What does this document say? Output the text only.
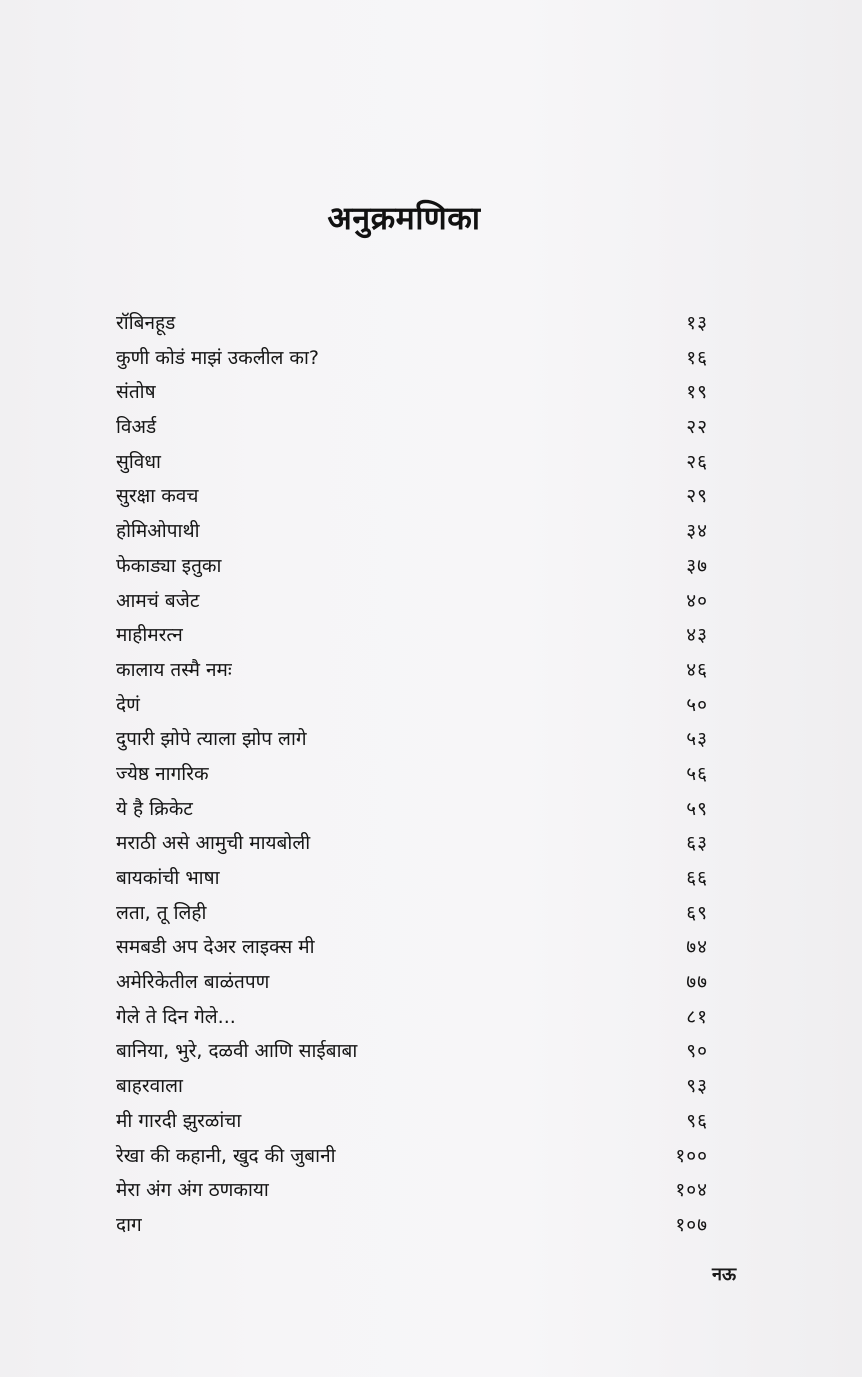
अनुक्रमणिका
रॉबिनहूड	१३
कुणी कोडं माझं उकलील का?	१६
संतोष	१९
विअर्ड	२२
सुविधा	२६
सुरक्षा कवच	२९
होमिओपाथी	३४
फेकाड्या इतुका	३७
आमचं बजेट	४०
माहीमरत्न	४३
कालाय तस्मै नमः	४६
देणं	५०
दुपारी झोपे त्याला झोप लागे	५३
ज्येष्ठ नागरिक	५६
ये है क्रिकेट	५९
मराठी असे आमुची मायबोली	६३
बायकांची भाषा	६६
लता, तू लिही	६९
समबडी अप देअर लाइक्स मी	७४
अमेरिकेतील बाळंतपण	७७
गेले ते दिन गेले...	८१
बानिया, भुरे, दळवी आणि साईबाबा	९०
बाहरवाला	९३
मी गारदी झुरळांचा	९६
रेखा की कहानी, खुद की जुबानी	१००
मेरा अंग अंग ठणकाया	१०४
दाग	१०७
नऊ
